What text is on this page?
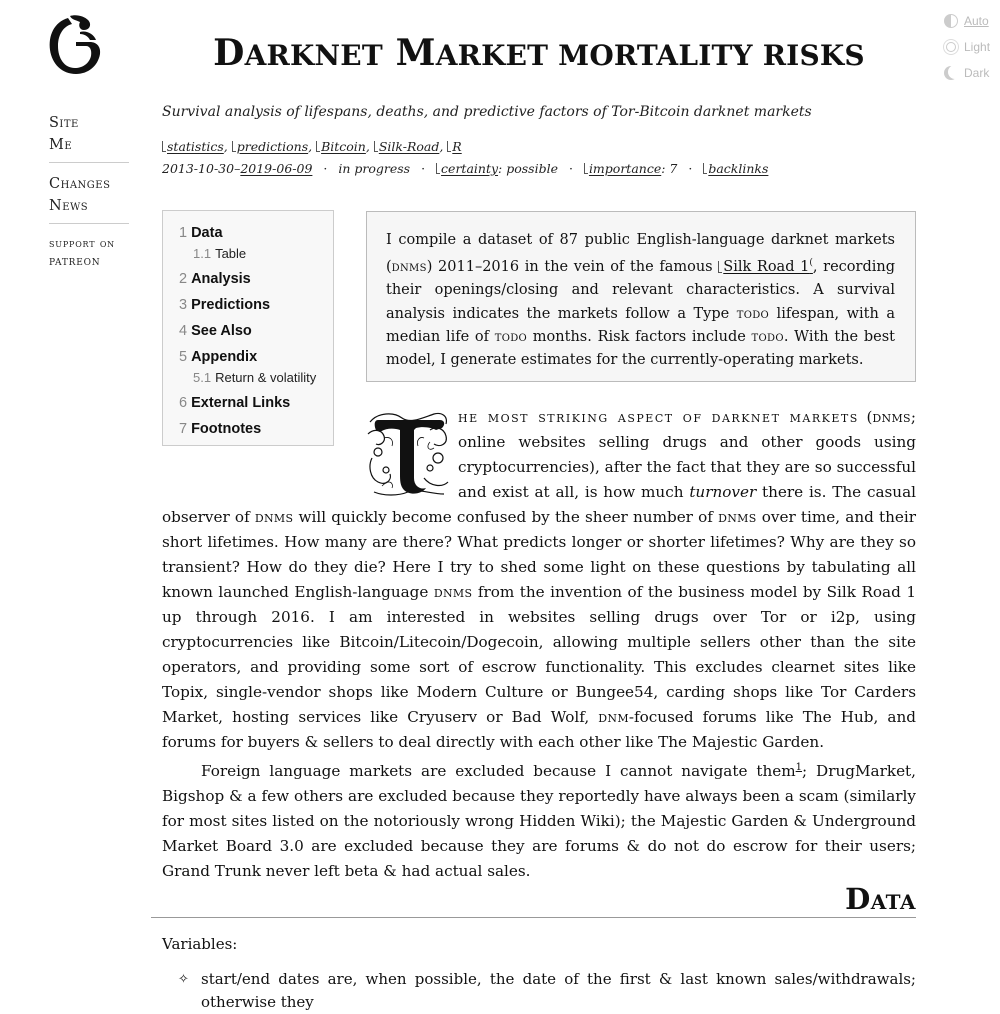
DARKNET MARKET MORTALITY RISKS
Auto
Light
Dark
Site
Me
Changes
News
support on
patreon
Survival analysis of lifespans, deaths, and predictive factors of Tor-Bitcoin darknet markets
statistics, predictions, Bitcoin, Silk-Road, R
2013-10-30–2019-06-09 · in progress · certainty: possible · importance: 7 · backlinks
1 Data
1.1 Table
2 Analysis
3 Predictions
4 See Also
5 Appendix
5.1 Return & volatility
6 External Links
7 Footnotes
I compile a dataset of 87 public English-language darknet markets (dnms) 2011–2016 in the vein of the famous Silk Road 1(, recording their openings/closing and relevant characteristics. A survival analysis indicates the markets follow a Type todo lifespan, with a median life of todo months. Risk factors include todo. With the best model, I generate estimates for the currently-operating markets.

he most striking aspect of darknet markets (dnms; online websites selling drugs and other goods using cryptocurrencies), after the fact that they are so successful and exist at all, is how much turnover there is. The casual observer of dnms will quickly become confused by the sheer number of dnms over time, and their short lifetimes. How many are there? What predicts longer or shorter lifetimes? Why are they so transient? How do they die? Here I try to shed some light on these questions by tabulating all known launched English-language dnms from the invention of the business model by Silk Road 1 up through 2016. I am interested in websites selling drugs over Tor or i2p, using cryptocurrencies like Bitcoin/Litecoin/Dogecoin, allowing multiple sellers other than the site operators, and providing some sort of escrow functionality. This excludes clearnet sites like Topix, single-vendor shops like Modern Culture or Bungee54, carding shops like Tor Carders Market, hosting services like Cryuserv or Bad Wolf, dnm-focused forums like The Hub, and forums for buyers & sellers to deal directly with each other like The Majestic Garden.

Foreign language markets are excluded because I cannot navigate them$^1$; DrugMarket, Bigshop & a few others are excluded because they reportedly have always been a scam (similarly for most sites listed on the notoriously wrong Hidden Wiki); the Majestic Garden & Underground Market Board 3.0 are excluded because they are forums & do not do escrow for their users; Grand Trunk never left beta & had actual sales.

Data
Variables:
✧ start/end dates are, when possible, the date of the first & last known sales/withdrawals; otherwise they
